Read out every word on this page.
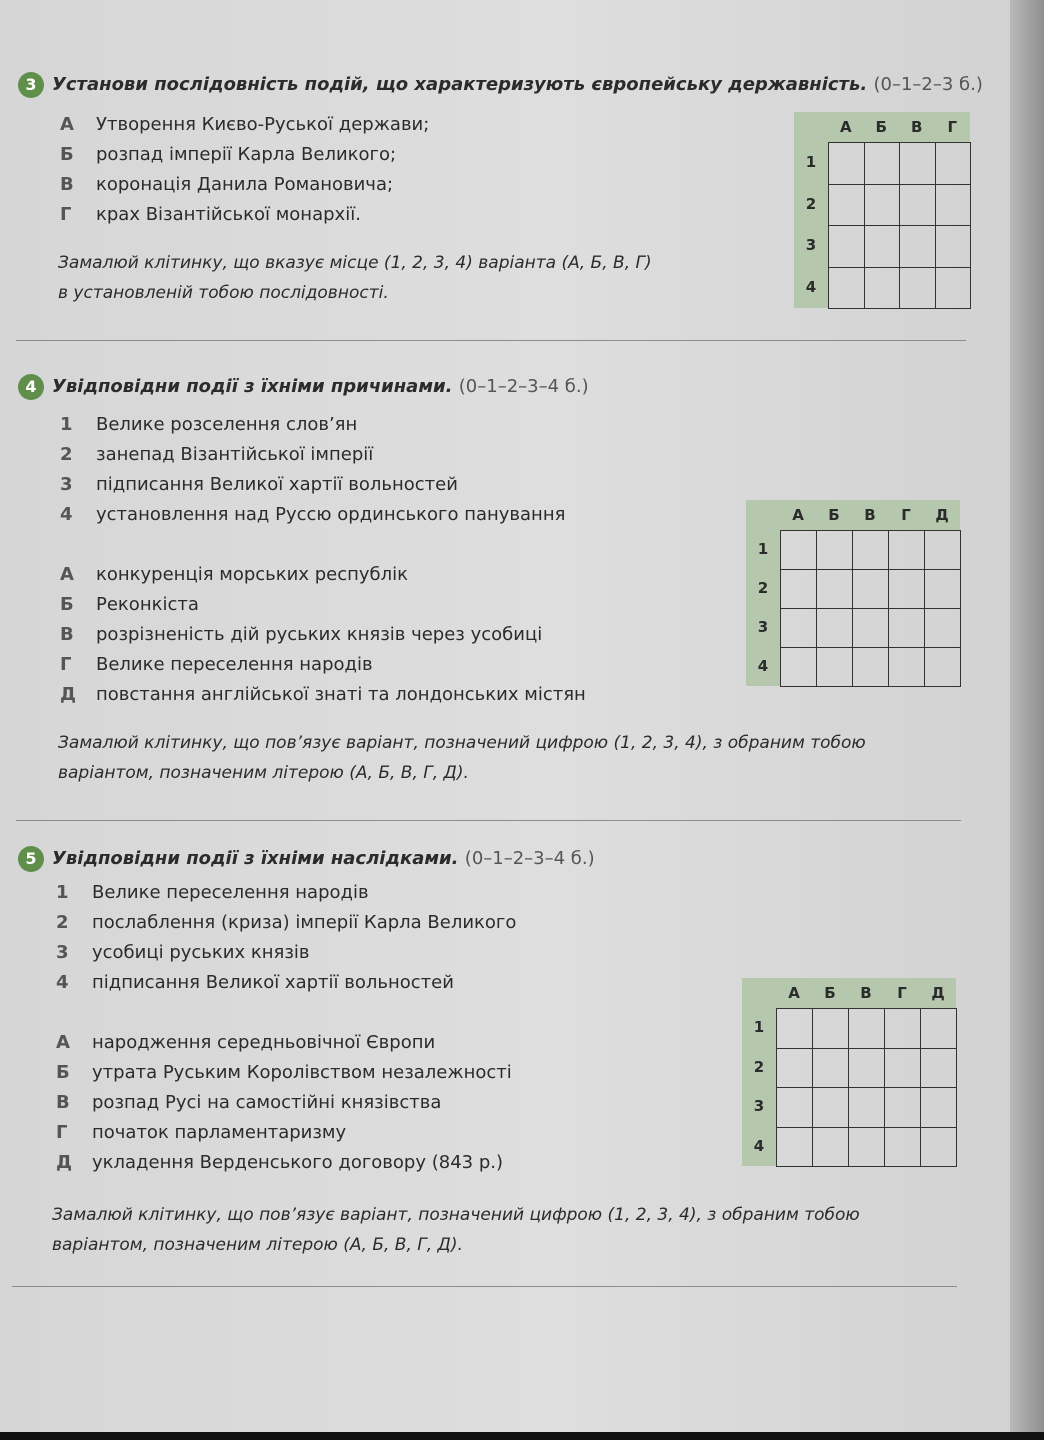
3 Установи послідовність подій, що характеризують європейську державність. (0–1–2–3 б.)
А Утворення Києво-Руської держави;
Б розпад імперії Карла Великого;
В коронація Данила Романовича;
Г крах Візантійської монархії.
Замалюй клітинку, що вказує місце (1, 2, 3, 4) варіанта (А, Б, В, Г)
в установленій тобою послідовності.
А	Б	В	Г
1
2
3
4
4 Увідповідни події з їхніми причинами. (0–1–2–3–4 б.)
1 Велике розселення слов’ян
2 занепад Візантійської імперії
3 підписання Великої хартії вольностей
4 установлення над Руссю ординського панування
А конкуренція морських республік
Б Реконкіста
В розрізненість дій руських князів через усобиці
Г Велике переселення народів
Д повстання англійської знаті та лондонських містян
Замалюй клітинку, що пов’язує варіант, позначений цифрою (1, 2, 3, 4), з обраним тобою
варіантом, позначеним літерою (А, Б, В, Г, Д).
А	Б	В	Г	Д
1
2
3
4
5 Увідповідни події з їхніми наслідками. (0–1–2–3–4 б.)
1 Велике переселення народів
2 послаблення (криза) імперії Карла Великого
3 усобиці руських князів
4 підписання Великої хартії вольностей
А народження середньовічної Європи
Б утрата Руським Королівством незалежності
В розпад Русі на самостійні князівства
Г початок парламентаризму
Д укладення Верденського договору (843 р.)
Замалюй клітинку, що пов’язує варіант, позначений цифрою (1, 2, 3, 4), з обраним тобою
варіантом, позначеним літерою (А, Б, В, Г, Д).
А	Б	В	Г	Д
1
2
3
4
